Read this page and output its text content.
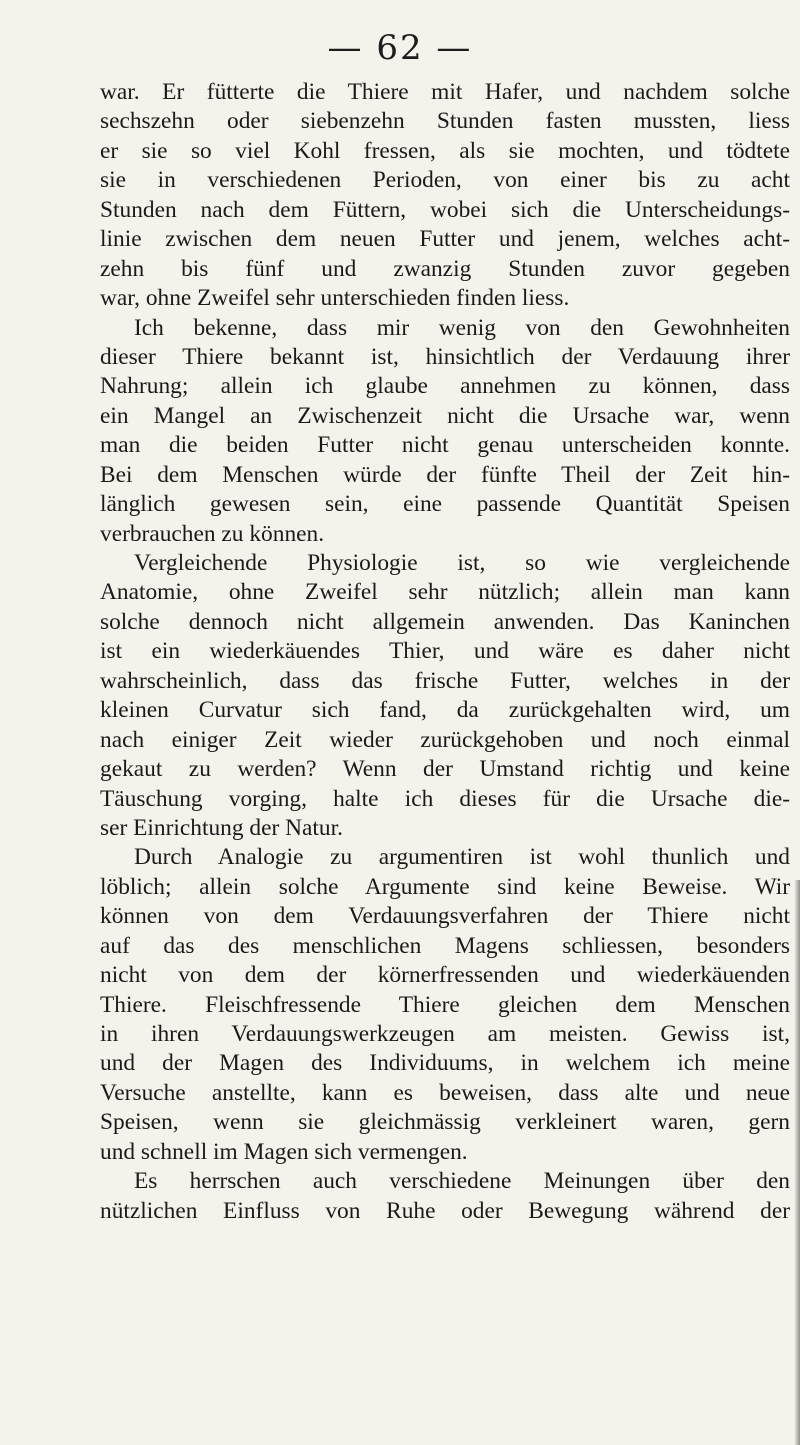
— 62 —
war. Er fütterte die Thiere mit Hafer, und nachdem solche
sechszehn oder siebenzehn Stunden fasten mussten, liess
er sie so viel Kohl fressen, als sie mochten, und tödtete
sie in verschiedenen Perioden, von einer bis zu acht
Stunden nach dem Füttern, wobei sich die Unterscheidungs-
linie zwischen dem neuen Futter und jenem, welches acht-
zehn bis fünf und zwanzig Stunden zuvor gegeben
war, ohne Zweifel sehr unterschieden finden liess.
Ich bekenne, dass mir wenig von den Gewohnheiten
dieser Thiere bekannt ist, hinsichtlich der Verdauung ihrer
Nahrung; allein ich glaube annehmen zu können, dass
ein Mangel an Zwischenzeit nicht die Ursache war, wenn
man die beiden Futter nicht genau unterscheiden konnte.
Bei dem Menschen würde der fünfte Theil der Zeit hin-
länglich gewesen sein, eine passende Quantität Speisen
verbrauchen zu können.
Vergleichende Physiologie ist, so wie vergleichende
Anatomie, ohne Zweifel sehr nützlich; allein man kann
solche dennoch nicht allgemein anwenden. Das Kaninchen
ist ein wiederkäuendes Thier, und wäre es daher nicht
wahrscheinlich, dass das frische Futter, welches in der
kleinen Curvatur sich fand, da zurückgehalten wird, um
nach einiger Zeit wieder zurückgehoben und noch einmal
gekaut zu werden? Wenn der Umstand richtig und keine
Täuschung vorging, halte ich dieses für die Ursache die-
ser Einrichtung der Natur.
Durch Analogie zu argumentiren ist wohl thunlich und
löblich; allein solche Argumente sind keine Beweise. Wir
können von dem Verdauungsverfahren der Thiere nicht
auf das des menschlichen Magens schliessen, besonders
nicht von dem der körnerfressenden und wiederkäuenden
Thiere. Fleischfressende Thiere gleichen dem Menschen
in ihren Verdauungswerkzeugen am meisten. Gewiss ist,
und der Magen des Individuums, in welchem ich meine
Versuche anstellte, kann es beweisen, dass alte und neue
Speisen, wenn sie gleichmässig verkleinert waren, gern
und schnell im Magen sich vermengen.
Es herrschen auch verschiedene Meinungen über den
nützlichen Einfluss von Ruhe oder Bewegung während der
